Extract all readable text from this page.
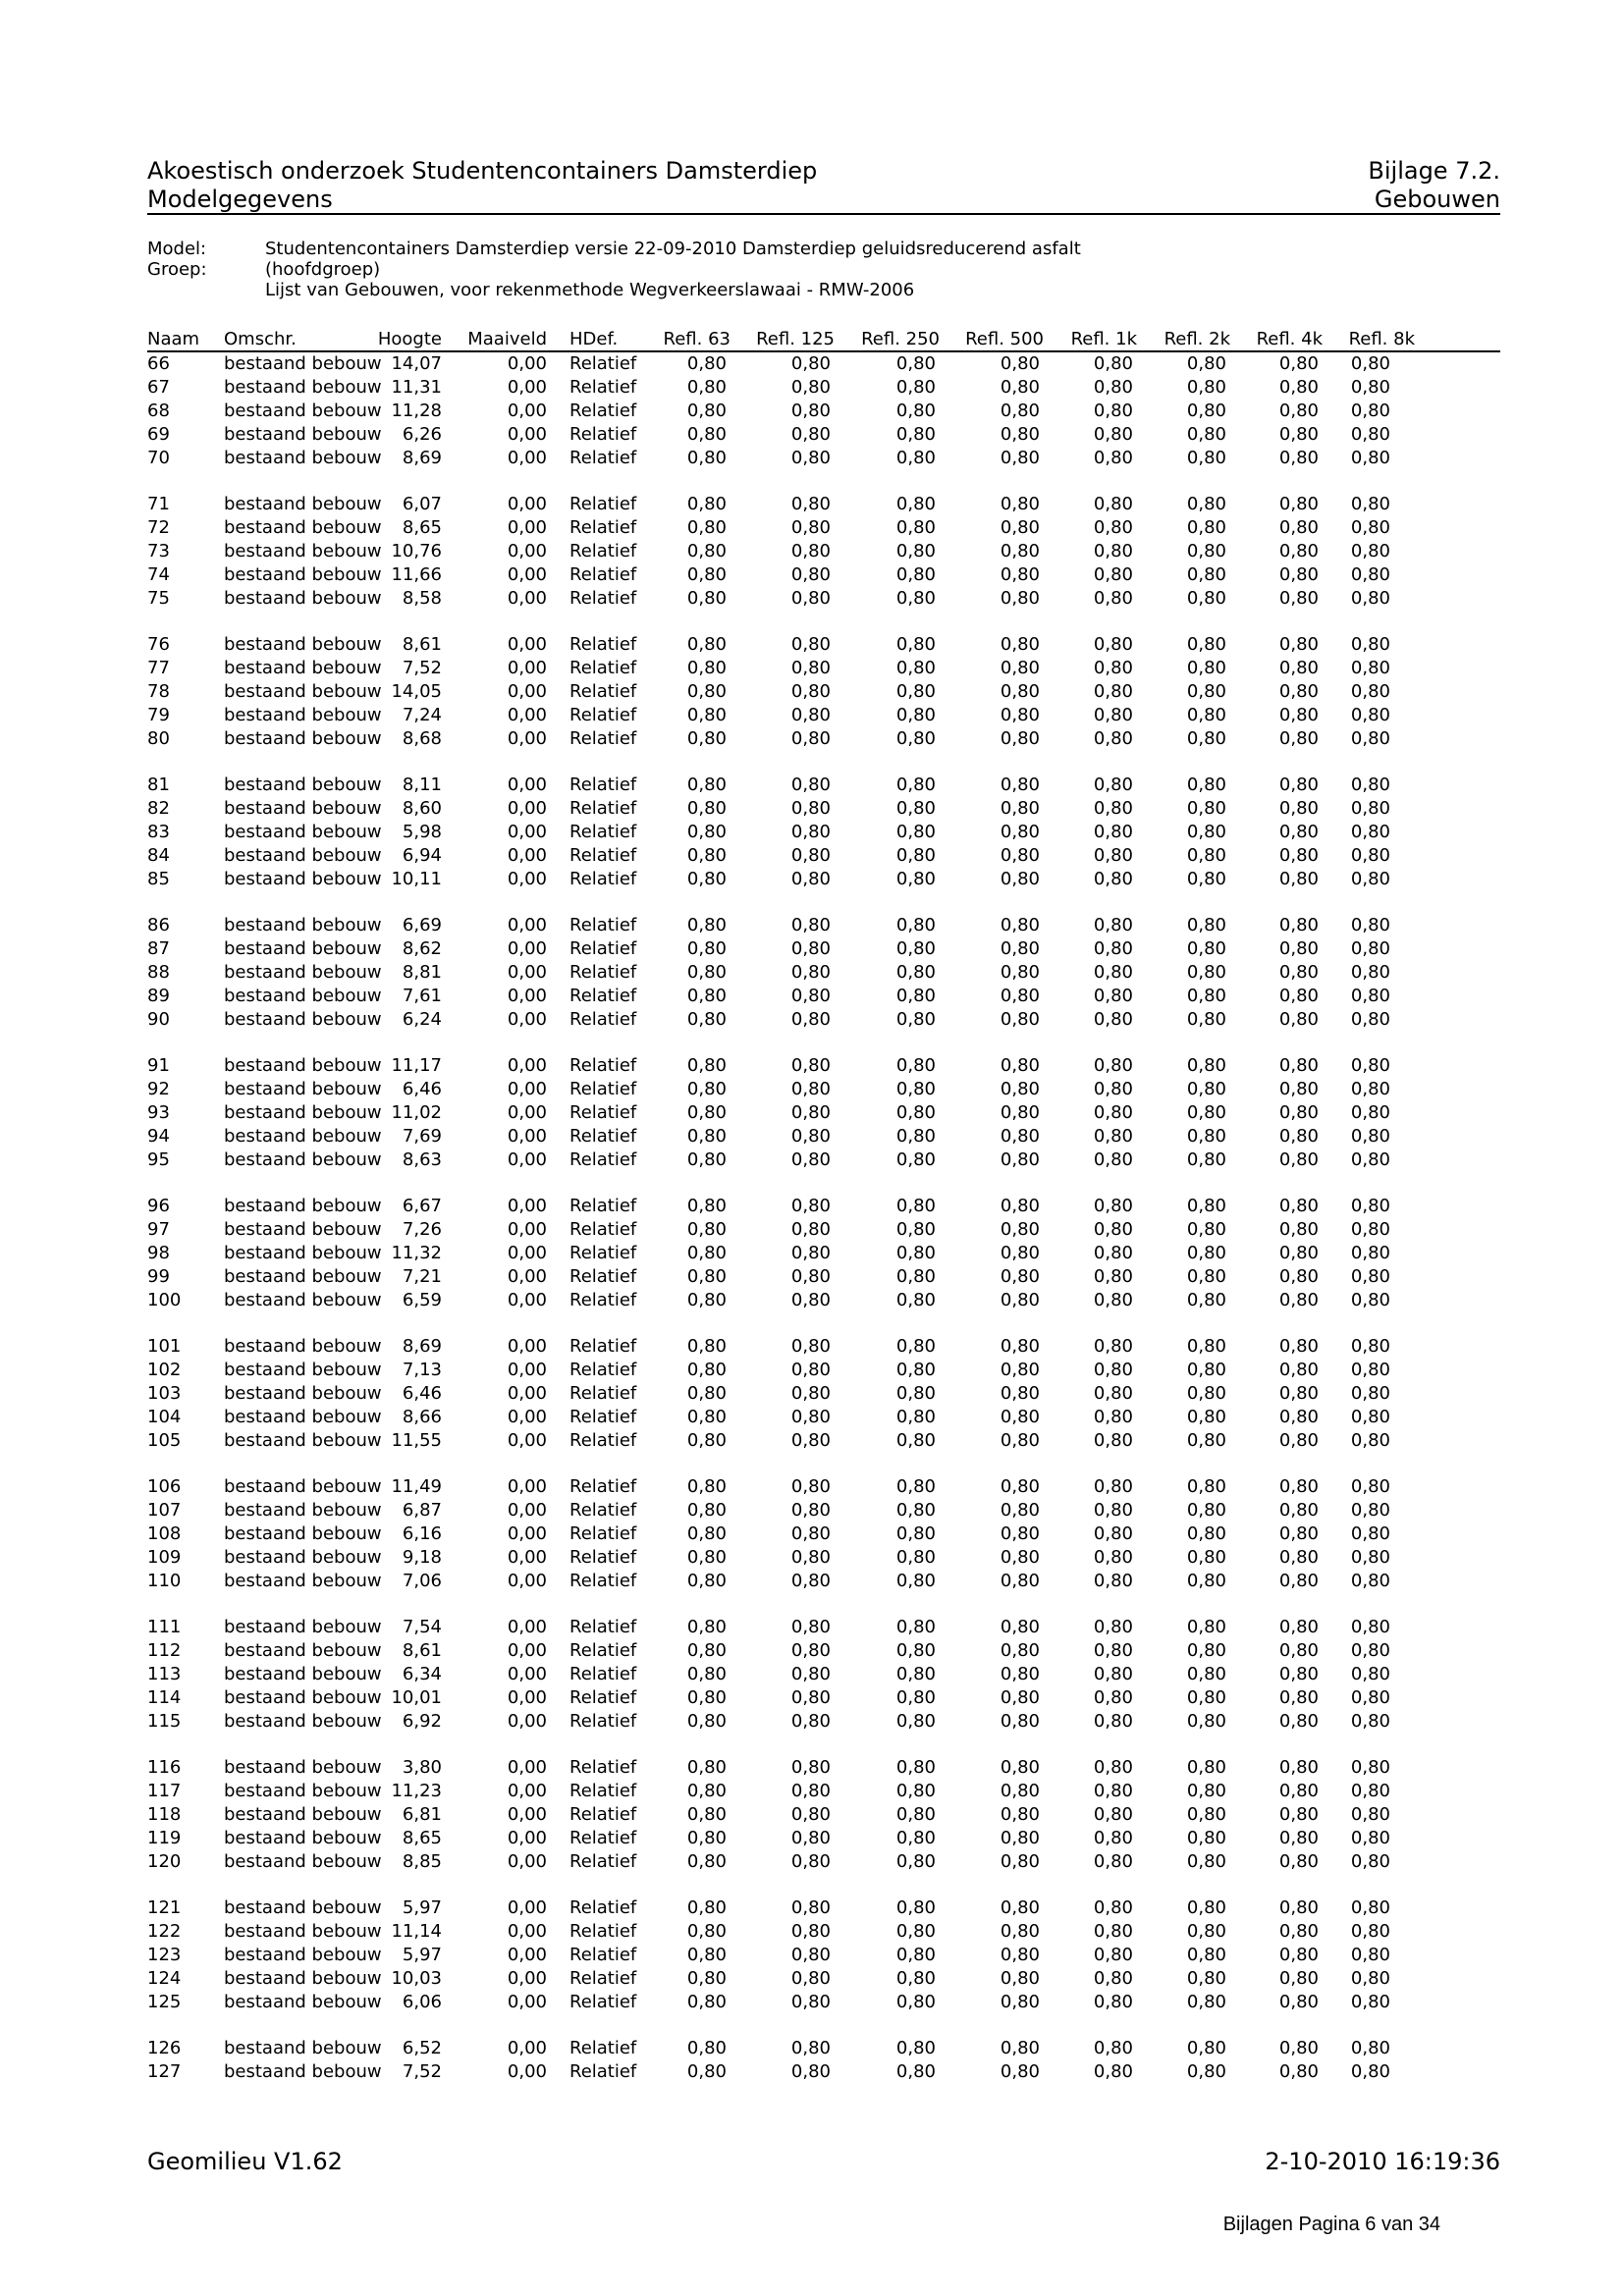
Akoestisch onderzoek Studentencontainers Damsterdiep	Bijlage 7.2.
Modelgegevens	Gebouwen
Model:	Studentencontainers Damsterdiep versie 22-09-2010 Damsterdiep geluidsreducerend asfalt
Groep:	(hoofdgroep)
Lijst van Gebouwen, voor rekenmethode Wegverkeerslawaai - RMW-2006
Naam	Omschr.	Hoogte	Maaiveld	HDef.	Refl. 63	Refl. 125	Refl. 250	Refl. 500	Refl. 1k	Refl. 2k	Refl. 4k	Refl. 8k
66	bestaand bebouw 14,07	0,00	Relatief	0,80	0,80	0,80	0,80	0,80	0,80	0,80	0,80
67	bestaand bebouw 11,31	0,00	Relatief	0,80	0,80	0,80	0,80	0,80	0,80	0,80	0,80
68	bestaand bebouw 11,28	0,00	Relatief	0,80	0,80	0,80	0,80	0,80	0,80	0,80	0,80
69	bestaand bebouw	6,26	0,00	Relatief	0,80	0,80	0,80	0,80	0,80	0,80	0,80	0,80
70	bestaand bebouw	8,69	0,00	Relatief	0,80	0,80	0,80	0,80	0,80	0,80	0,80	0,80
71	bestaand bebouw	6,07	0,00	Relatief	0,80	0,80	0,80	0,80	0,80	0,80	0,80	0,80
72	bestaand bebouw	8,65	0,00	Relatief	0,80	0,80	0,80	0,80	0,80	0,80	0,80	0,80
73	bestaand bebouw 10,76	0,00	Relatief	0,80	0,80	0,80	0,80	0,80	0,80	0,80	0,80
74	bestaand bebouw 11,66	0,00	Relatief	0,80	0,80	0,80	0,80	0,80	0,80	0,80	0,80
75	bestaand bebouw	8,58	0,00	Relatief	0,80	0,80	0,80	0,80	0,80	0,80	0,80	0,80
76	bestaand bebouw	8,61	0,00	Relatief	0,80	0,80	0,80	0,80	0,80	0,80	0,80	0,80
77	bestaand bebouw	7,52	0,00	Relatief	0,80	0,80	0,80	0,80	0,80	0,80	0,80	0,80
78	bestaand bebouw 14,05	0,00	Relatief	0,80	0,80	0,80	0,80	0,80	0,80	0,80	0,80
79	bestaand bebouw	7,24	0,00	Relatief	0,80	0,80	0,80	0,80	0,80	0,80	0,80	0,80
80	bestaand bebouw	8,68	0,00	Relatief	0,80	0,80	0,80	0,80	0,80	0,80	0,80	0,80
81	bestaand bebouw	8,11	0,00	Relatief	0,80	0,80	0,80	0,80	0,80	0,80	0,80	0,80
82	bestaand bebouw	8,60	0,00	Relatief	0,80	0,80	0,80	0,80	0,80	0,80	0,80	0,80
83	bestaand bebouw	5,98	0,00	Relatief	0,80	0,80	0,80	0,80	0,80	0,80	0,80	0,80
84	bestaand bebouw	6,94	0,00	Relatief	0,80	0,80	0,80	0,80	0,80	0,80	0,80	0,80
85	bestaand bebouw 10,11	0,00	Relatief	0,80	0,80	0,80	0,80	0,80	0,80	0,80	0,80
86	bestaand bebouw	6,69	0,00	Relatief	0,80	0,80	0,80	0,80	0,80	0,80	0,80	0,80
87	bestaand bebouw	8,62	0,00	Relatief	0,80	0,80	0,80	0,80	0,80	0,80	0,80	0,80
88	bestaand bebouw	8,81	0,00	Relatief	0,80	0,80	0,80	0,80	0,80	0,80	0,80	0,80
89	bestaand bebouw	7,61	0,00	Relatief	0,80	0,80	0,80	0,80	0,80	0,80	0,80	0,80
90	bestaand bebouw	6,24	0,00	Relatief	0,80	0,80	0,80	0,80	0,80	0,80	0,80	0,80
91	bestaand bebouw 11,17	0,00	Relatief	0,80	0,80	0,80	0,80	0,80	0,80	0,80	0,80
92	bestaand bebouw	6,46	0,00	Relatief	0,80	0,80	0,80	0,80	0,80	0,80	0,80	0,80
93	bestaand bebouw 11,02	0,00	Relatief	0,80	0,80	0,80	0,80	0,80	0,80	0,80	0,80
94	bestaand bebouw	7,69	0,00	Relatief	0,80	0,80	0,80	0,80	0,80	0,80	0,80	0,80
95	bestaand bebouw	8,63	0,00	Relatief	0,80	0,80	0,80	0,80	0,80	0,80	0,80	0,80
96	bestaand bebouw	6,67	0,00	Relatief	0,80	0,80	0,80	0,80	0,80	0,80	0,80	0,80
97	bestaand bebouw	7,26	0,00	Relatief	0,80	0,80	0,80	0,80	0,80	0,80	0,80	0,80
98	bestaand bebouw 11,32	0,00	Relatief	0,80	0,80	0,80	0,80	0,80	0,80	0,80	0,80
99	bestaand bebouw	7,21	0,00	Relatief	0,80	0,80	0,80	0,80	0,80	0,80	0,80	0,80
100	bestaand bebouw	6,59	0,00	Relatief	0,80	0,80	0,80	0,80	0,80	0,80	0,80	0,80
101	bestaand bebouw	8,69	0,00	Relatief	0,80	0,80	0,80	0,80	0,80	0,80	0,80	0,80
102	bestaand bebouw	7,13	0,00	Relatief	0,80	0,80	0,80	0,80	0,80	0,80	0,80	0,80
103	bestaand bebouw	6,46	0,00	Relatief	0,80	0,80	0,80	0,80	0,80	0,80	0,80	0,80
104	bestaand bebouw	8,66	0,00	Relatief	0,80	0,80	0,80	0,80	0,80	0,80	0,80	0,80
105	bestaand bebouw 11,55	0,00	Relatief	0,80	0,80	0,80	0,80	0,80	0,80	0,80	0,80
106	bestaand bebouw 11,49	0,00	Relatief	0,80	0,80	0,80	0,80	0,80	0,80	0,80	0,80
107	bestaand bebouw	6,87	0,00	Relatief	0,80	0,80	0,80	0,80	0,80	0,80	0,80	0,80
108	bestaand bebouw	6,16	0,00	Relatief	0,80	0,80	0,80	0,80	0,80	0,80	0,80	0,80
109	bestaand bebouw	9,18	0,00	Relatief	0,80	0,80	0,80	0,80	0,80	0,80	0,80	0,80
110	bestaand bebouw	7,06	0,00	Relatief	0,80	0,80	0,80	0,80	0,80	0,80	0,80	0,80
111	bestaand bebouw	7,54	0,00	Relatief	0,80	0,80	0,80	0,80	0,80	0,80	0,80	0,80
112	bestaand bebouw	8,61	0,00	Relatief	0,80	0,80	0,80	0,80	0,80	0,80	0,80	0,80
113	bestaand bebouw	6,34	0,00	Relatief	0,80	0,80	0,80	0,80	0,80	0,80	0,80	0,80
114	bestaand bebouw 10,01	0,00	Relatief	0,80	0,80	0,80	0,80	0,80	0,80	0,80	0,80
115	bestaand bebouw	6,92	0,00	Relatief	0,80	0,80	0,80	0,80	0,80	0,80	0,80	0,80
116	bestaand bebouw	3,80	0,00	Relatief	0,80	0,80	0,80	0,80	0,80	0,80	0,80	0,80
117	bestaand bebouw 11,23	0,00	Relatief	0,80	0,80	0,80	0,80	0,80	0,80	0,80	0,80
118	bestaand bebouw	6,81	0,00	Relatief	0,80	0,80	0,80	0,80	0,80	0,80	0,80	0,80
119	bestaand bebouw	8,65	0,00	Relatief	0,80	0,80	0,80	0,80	0,80	0,80	0,80	0,80
120	bestaand bebouw	8,85	0,00	Relatief	0,80	0,80	0,80	0,80	0,80	0,80	0,80	0,80
121	bestaand bebouw	5,97	0,00	Relatief	0,80	0,80	0,80	0,80	0,80	0,80	0,80	0,80
122	bestaand bebouw 11,14	0,00	Relatief	0,80	0,80	0,80	0,80	0,80	0,80	0,80	0,80
123	bestaand bebouw	5,97	0,00	Relatief	0,80	0,80	0,80	0,80	0,80	0,80	0,80	0,80
124	bestaand bebouw 10,03	0,00	Relatief	0,80	0,80	0,80	0,80	0,80	0,80	0,80	0,80
125	bestaand bebouw	6,06	0,00	Relatief	0,80	0,80	0,80	0,80	0,80	0,80	0,80	0,80
126	bestaand bebouw	6,52	0,00	Relatief	0,80	0,80	0,80	0,80	0,80	0,80	0,80	0,80
127	bestaand bebouw	7,52	0,00	Relatief	0,80	0,80	0,80	0,80	0,80	0,80	0,80	0,80
Geomilieu V1.62	2-10-2010 16:19:36
Bijlagen Pagina 6 van 34
